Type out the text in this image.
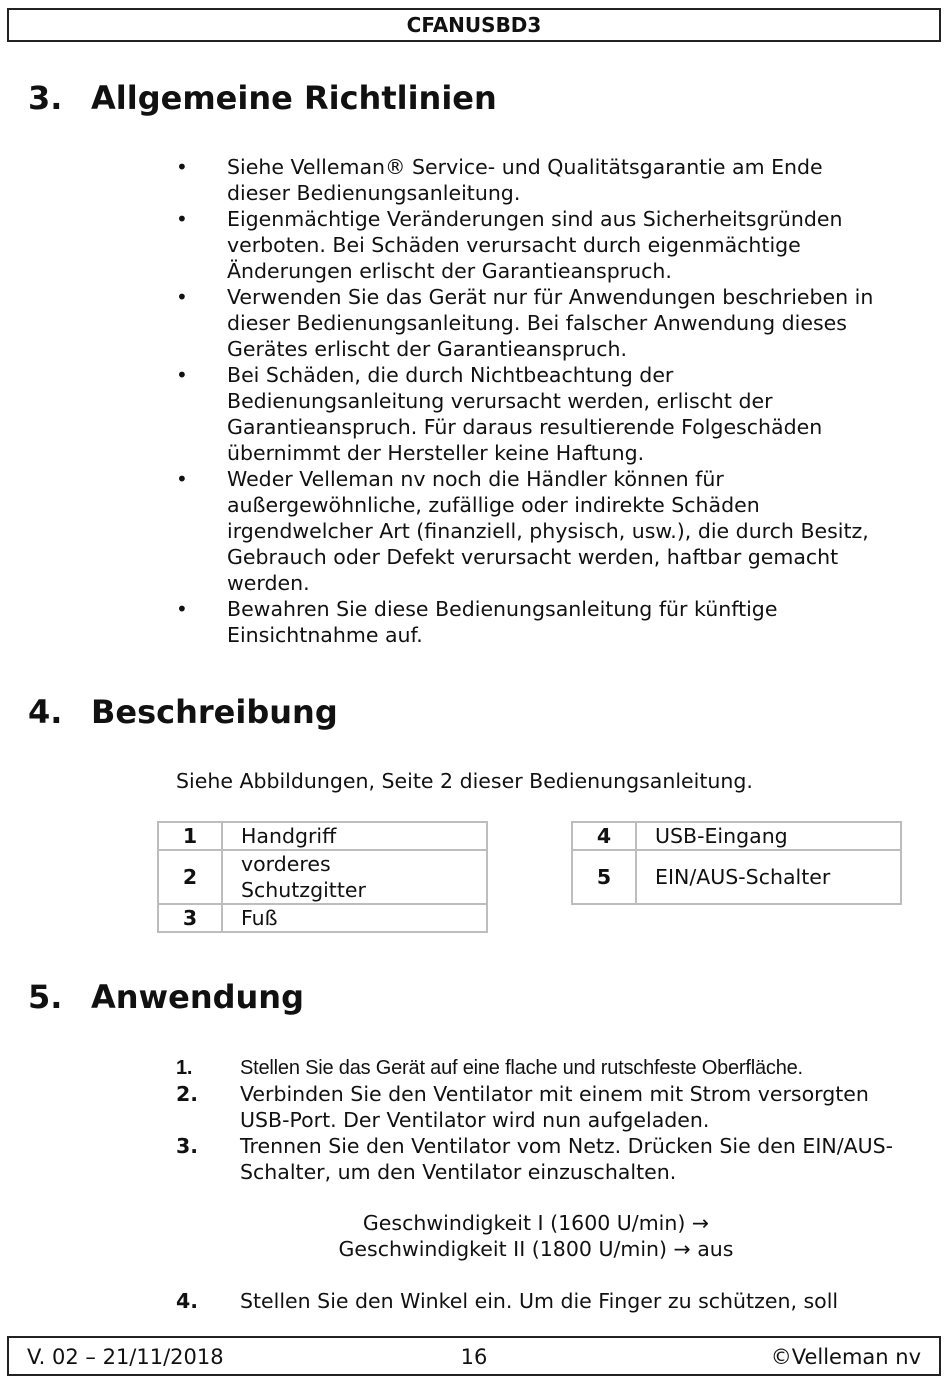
CFANUSBD3
3. Allgemeine Richtlinien
• Siehe Velleman® Service- und Qualitätsgarantie am Ende dieser Bedienungsanleitung.
• Eigenmächtige Veränderungen sind aus Sicherheitsgründen verboten. Bei Schäden verursacht durch eigenmächtige Änderungen erlischt der Garantieanspruch.
• Verwenden Sie das Gerät nur für Anwendungen beschrieben in dieser Bedienungsanleitung. Bei falscher Anwendung dieses Gerätes erlischt der Garantieanspruch.
• Bei Schäden, die durch Nichtbeachtung der Bedienungsanleitung verursacht werden, erlischt der Garantieanspruch. Für daraus resultierende Folgeschäden übernimmt der Hersteller keine Haftung.
• Weder Velleman nv noch die Händler können für außergewöhnliche, zufällige oder indirekte Schäden irgendwelcher Art (finanziell, physisch, usw.), die durch Besitz, Gebrauch oder Defekt verursacht werden, haftbar gemacht werden.
• Bewahren Sie diese Bedienungsanleitung für künftige Einsichtnahme auf.
4. Beschreibung

Siehe Abbildungen, Seite 2 dieser Bedienungsanleitung.

1	Handgriff
2	vorderes Schutzgitter
3	Fuß
4	USB-Eingang
5	EIN/AUS-Schalter
5. Anwendung
1. Stellen Sie das Gerät auf eine flache und rutschfeste Oberfläche.
2. Verbinden Sie den Ventilator mit einem mit Strom versorgten USB-Port. Der Ventilator wird nun aufgeladen.
3. Trennen Sie den Ventilator vom Netz. Drücken Sie den EIN/AUS-Schalter, um den Ventilator einzuschalten.
Geschwindigkeit I (1600 U/min) →
Geschwindigkeit II (1800 U/min) → aus
4. Stellen Sie den Winkel ein. Um die Finger zu schützen, soll
V. 02 – 21/11/2018	16	©Velleman nv
